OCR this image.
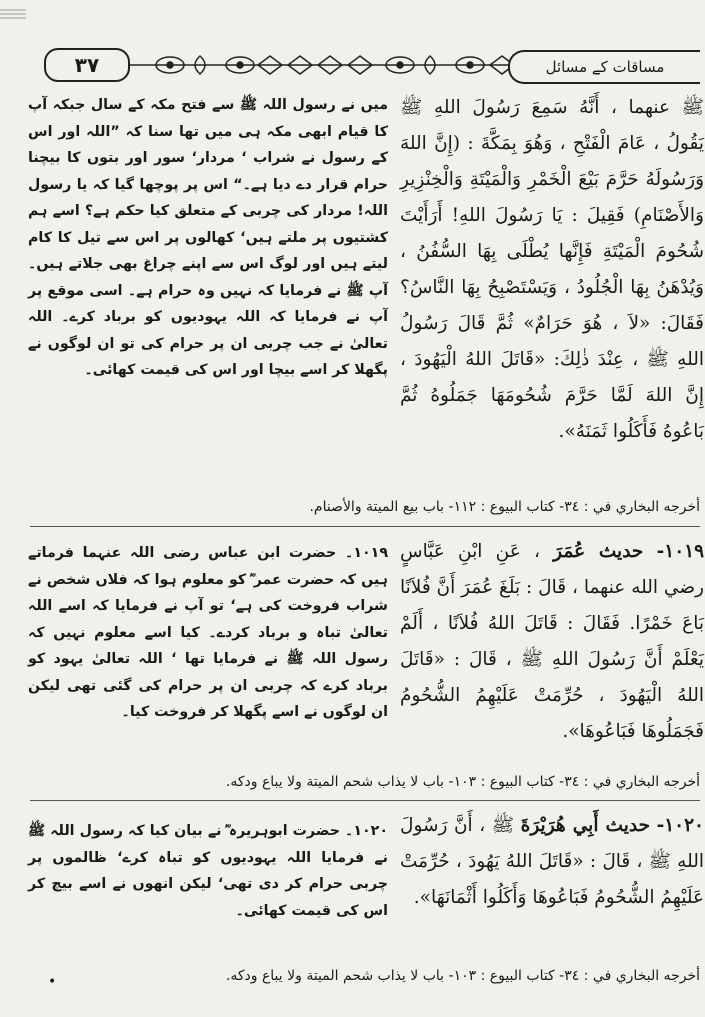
۳۷	مساقات کے مسائل
ﷺ عنهما ، أَنَّهُ سَمِعَ رَسُولَ اللهِ ﷺ يَقُولُ ، عَامَ الْفَتْحِ ، وَهُوَ بِمَكَّةَ : (إِنَّ اللهَ وَرَسُولَهُ حَرَّمَ بَيْعَ الْخَمْرِ وَالْمَيْتَةِ وَالْخِنْزِيرِ وَالأَصْنَامِ) فَقِيلَ : يَا رَسُولَ اللهِ! أَرَأَيْتَ شُحُومَ الْمَيْتَةِ فَإِنَّها يُطْلَى بِهَا السُّفُنُ ، وَيُدْهَنُ بِهَا الْجُلُودُ ، وَيَسْتَصْبِحُ بِهَا النَّاسُ؟ فَقَالَ: «لاَ ، هُوَ حَرَامٌ» ثُمَّ قَالَ رَسُولُ اللهِ ﷺ ، عِنْدَ ذٰلِكَ: «قَاتَلَ اللهُ الْيَهُودَ ، إِنَّ اللهَ لَمَّا حَرَّمَ شُحُومَهَا جَمَلُوهُ ثُمَّ بَاعُوهُ فَأَكَلُوا ثَمَنَهُ».
میں نے رسول اللہ ﷺ سے فتح مکہ کے سال جبکہ آپ کا قیام ابھی مکہ ہی میں تھا سنا کہ ”اللہ اور اس کے رسول نے شراب ‘ مردار‘ سور اور بتوں کا بیچنا حرام قرار دے دیا ہے۔“ اس پر پوچھا گیا کہ یا رسول اللہ! مردار کی چربی کے متعلق کیا حکم ہے؟ اسے ہم کشتیوں پر ملتے ہیں‘ کھالوں پر اس سے تیل کا کام لیتے ہیں اور لوگ اس سے اپنے چراغ بھی جلاتے ہیں۔ آپ ﷺ نے فرمایا کہ نہیں وہ حرام ہے۔ اسی موقع پر آپ نے فرمایا کہ اللہ یہودیوں کو برباد کرے۔ اللہ تعالیٰ نے جب چربی ان پر حرام کی تو ان لوگوں نے پگھلا کر اسے بیچا اور اس کی قیمت کھائی۔
أخرجه البخاري في : ٣٤- كتاب البيوع : ١١٢- باب بيع الميتة والأصنام.
١٠١٩- حديث عُمَرَ ، عَنِ ابْنِ عَبَّاسٍ رضي الله عنهما ، قَالَ : بَلَغَ عُمَرَ أَنَّ فُلاَنًا بَاعَ خَمْرًا. فَقَالَ : قَاتَلَ اللهُ فُلاَنًا ، أَلَمْ يَعْلَمْ أَنَّ رَسُولَ اللهِ ﷺ ، قَالَ : «قَاتَلَ اللهُ الْيَهُودَ ، حُرِّمَتْ عَلَيْهِمُ الشُّحُومُ فَجَمَلُوهَا فَبَاعُوهَا».
۱۰۱۹۔ حضرت ابن عباس رضی اللہ عنہما فرماتے ہیں کہ حضرت عمر ؓ کو معلوم ہوا کہ فلاں شخص نے شراب فروخت کی ہے‘ تو آپ نے فرمایا کہ اسے اللہ تعالیٰ تباہ و برباد کردے۔ کیا اسے معلوم نہیں کہ رسول اللہ ﷺ نے فرمایا تھا ‘ اللہ تعالیٰ یہود کو برباد کرے کہ چربی ان پر حرام کی گئی تھی لیکن ان لوگوں نے اسے پگھلا کر فروخت کیا۔
أخرجه البخاري في : ٣٤- كتاب البيوع : ١٠٣- باب لا يذاب شحم الميتة ولا يباع ودكه.
١٠٢٠- حديث أَبِي هُرَيْرَةَ ﷺ ، أَنَّ رَسُولَ اللهِ ﷺ ، قَالَ : «قَاتَلَ اللهُ يَهُودَ ، حُرِّمَتْ عَلَيْهِمُ الشُّحُومُ فَبَاعُوهَا وَأَكَلُوا أَثْمَانَهَا».
۱۰۲۰۔ حضرت ابوہریرہ ؓ نے بیان کیا کہ رسول اللہ ﷺ نے فرمایا اللہ یہودیوں کو تباہ کرے‘ ظالموں پر چربی حرام کر دی تھی‘ لیکن انھوں نے اسے بیچ کر اس کی قیمت کھائی۔
أخرجه البخاري في : ٣٤- كتاب البيوع : ١٠٣- باب لا يذاب شحم الميتة ولا يباع ودكه.
•
